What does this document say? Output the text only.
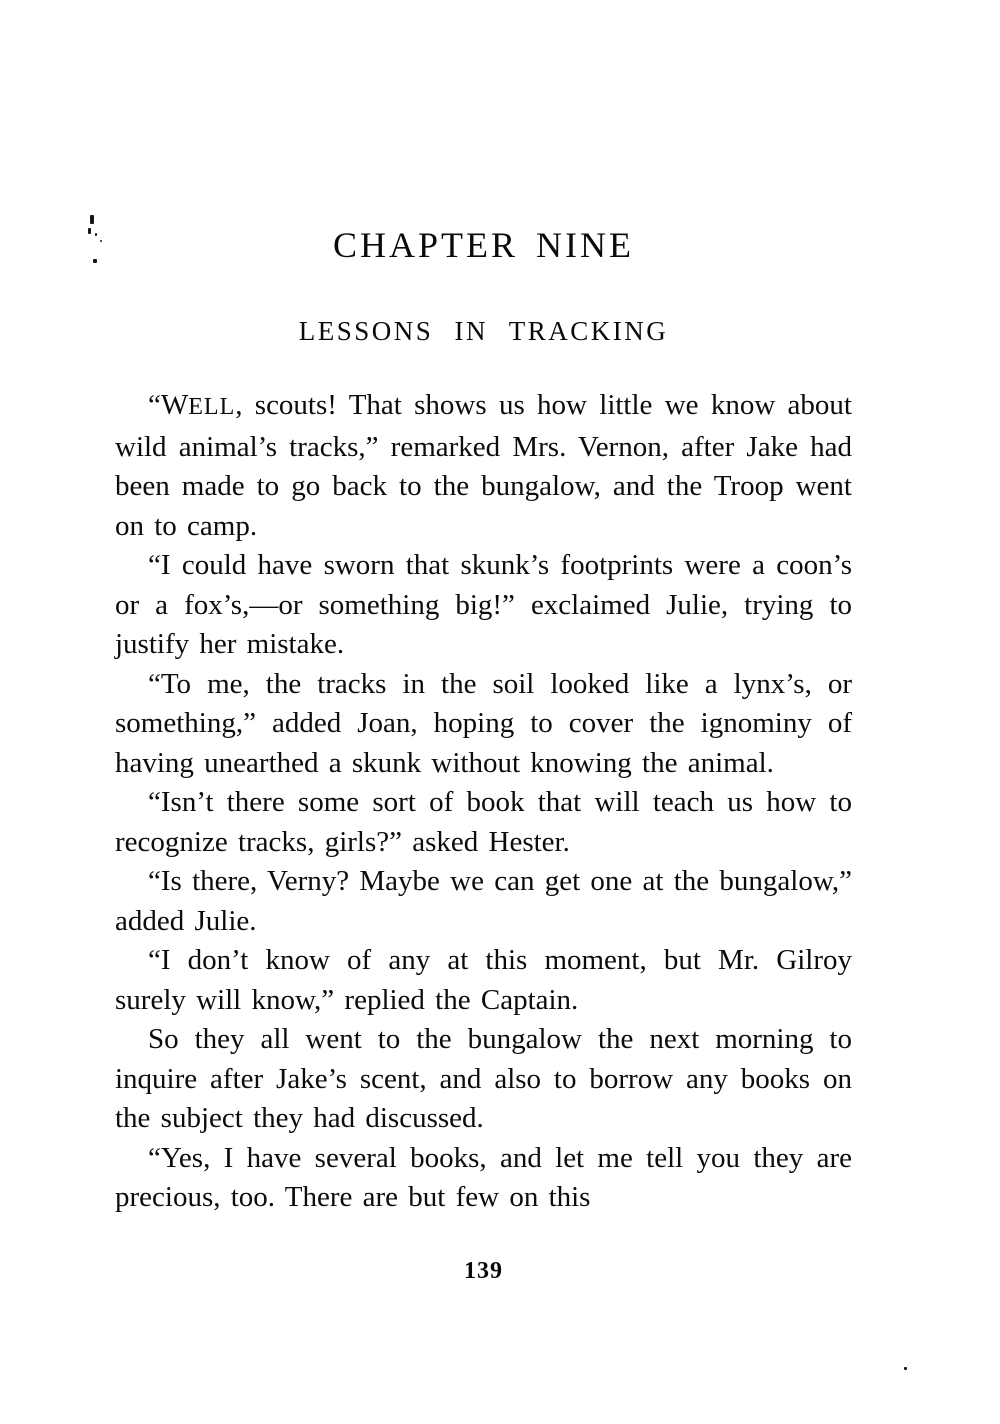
CHAPTER NINE
LESSONS IN TRACKING

“WELL, scouts! That shows us how little we know about wild animal’s tracks,” remarked Mrs. Vernon, after Jake had been made to go back to the bungalow, and the Troop went on to camp.

“I could have sworn that skunk’s footprints were a coon’s or a fox’s,—or something big!” exclaimed Julie, trying to justify her mistake.

“To me, the tracks in the soil looked like a lynx’s, or something,” added Joan, hoping to cover the ignominy of having unearthed a skunk without knowing the animal.

“Isn’t there some sort of book that will teach us how to recognize tracks, girls?” asked Hester.

“Is there, Verny? Maybe we can get one at the bungalow,” added Julie.

“I don’t know of any at this moment, but Mr. Gilroy surely will know,” replied the Captain.

So they all went to the bungalow the next morning to inquire after Jake’s scent, and also to borrow any books on the subject they had discussed.

“Yes, I have several books, and let me tell you they are precious, too. There are but few on this

139
